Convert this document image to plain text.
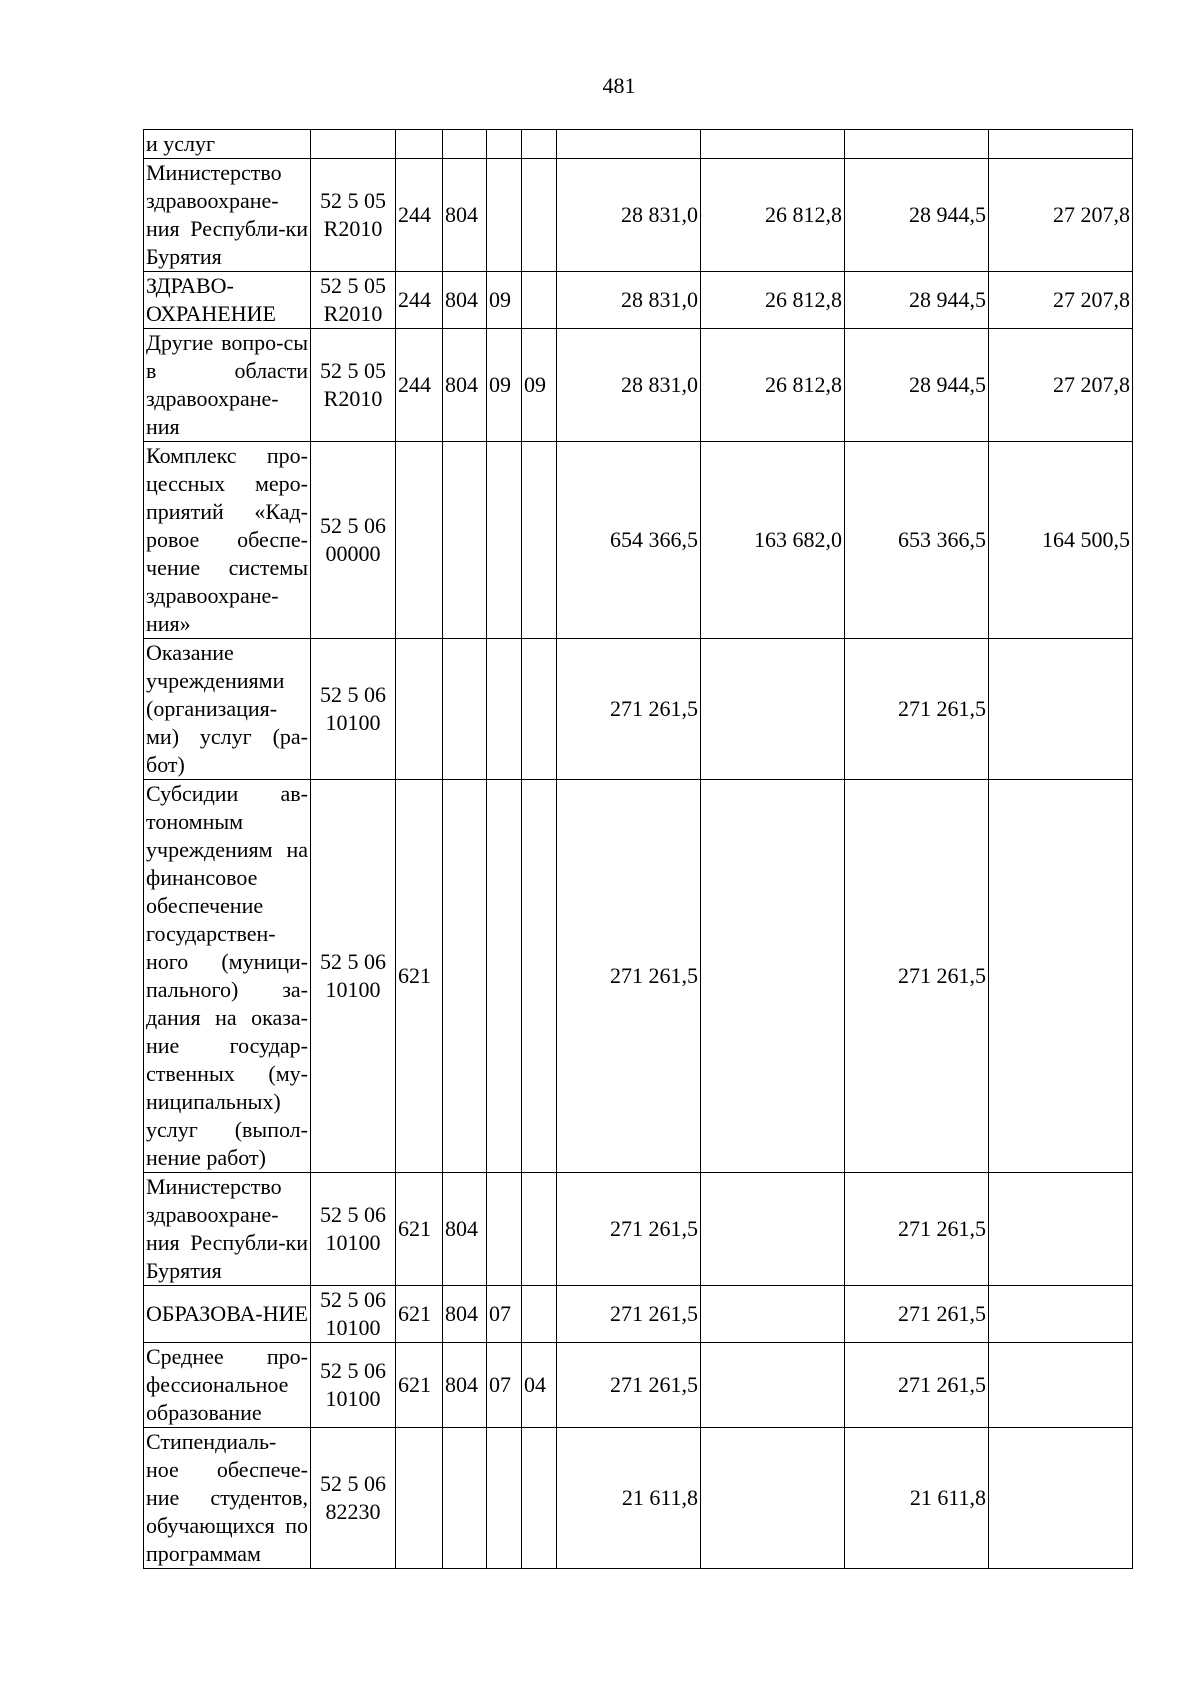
481
и услуг									
Министерство здравоохране-ния Республи-ки Бурятия	52 5 05 R2010	244	804			28 831,0	26 812,8	28 944,5	27 207,8
ЗДРАВО-ОХРАНЕНИЕ	52 5 05 R2010	244	804	09		28 831,0	26 812,8	28 944,5	27 207,8
Другие вопро-сы в области здравоохране-ния	52 5 05 R2010	244	804	09	09	28 831,0	26 812,8	28 944,5	27 207,8
Комплекс про-цессных меро-приятий «Кад-ровое обеспе-чение системы здравоохране-ния»	52 5 06 00000					654 366,5	163 682,0	653 366,5	164 500,5
Оказание учреждениями (организация-ми) услуг (ра-бот)	52 5 06 10100					271 261,5		271 261,5	
Субсидии ав-тономным учреждениям на финансовое обеспечение государствен-ного (муници-пального) за-дания на оказа-ние государ-ственных (му-ниципальных) услуг (выпол-нение работ)	52 5 06 10100	621				271 261,5		271 261,5	
Министерство здравоохране-ния Республи-ки Бурятия	52 5 06 10100	621	804			271 261,5		271 261,5	
ОБРАЗОВА-НИЕ	52 5 06 10100	621	804	07		271 261,5		271 261,5	
Среднее про-фессиональное образование	52 5 06 10100	621	804	07	04	271 261,5		271 261,5	
Стипендиаль-ное обеспече-ние студентов, обучающихся по программам	52 5 06 82230					21 611,8		21 611,8	
